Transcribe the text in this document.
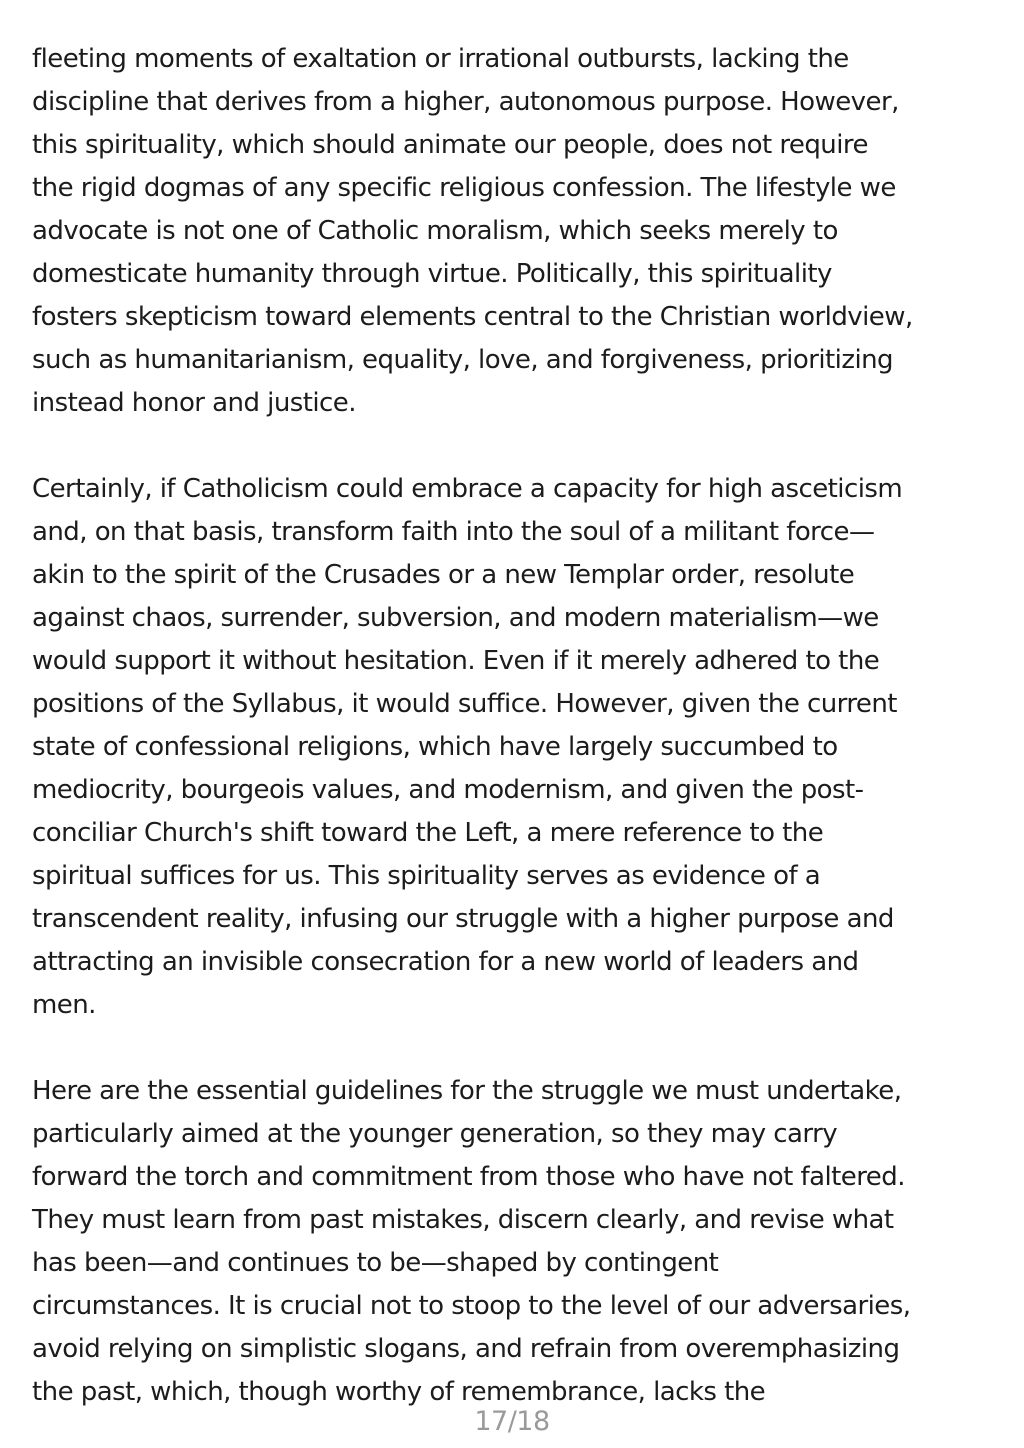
fleeting moments of exaltation or irrational outbursts, lacking the
discipline that derives from a higher, autonomous purpose. However,
this spirituality, which should animate our people, does not require
the rigid dogmas of any specific religious confession. The lifestyle we
advocate is not one of Catholic moralism, which seeks merely to
domesticate humanity through virtue. Politically, this spirituality
fosters skepticism toward elements central to the Christian worldview,
such as humanitarianism, equality, love, and forgiveness, prioritizing
instead honor and justice.
Certainly, if Catholicism could embrace a capacity for high asceticism
and, on that basis, transform faith into the soul of a militant force—
akin to the spirit of the Crusades or a new Templar order, resolute
against chaos, surrender, subversion, and modern materialism—we
would support it without hesitation. Even if it merely adhered to the
positions of the Syllabus, it would suffice. However, given the current
state of confessional religions, which have largely succumbed to
mediocrity, bourgeois values, and modernism, and given the post-
conciliar Church's shift toward the Left, a mere reference to the
spiritual suffices for us. This spirituality serves as evidence of a
transcendent reality, infusing our struggle with a higher purpose and
attracting an invisible consecration for a new world of leaders and
men.
Here are the essential guidelines for the struggle we must undertake,
particularly aimed at the younger generation, so they may carry
forward the torch and commitment from those who have not faltered.
They must learn from past mistakes, discern clearly, and revise what
has been—and continues to be—shaped by contingent
circumstances. It is crucial not to stoop to the level of our adversaries,
avoid relying on simplistic slogans, and refrain from overemphasizing
the past, which, though worthy of remembrance, lacks the
17/18
